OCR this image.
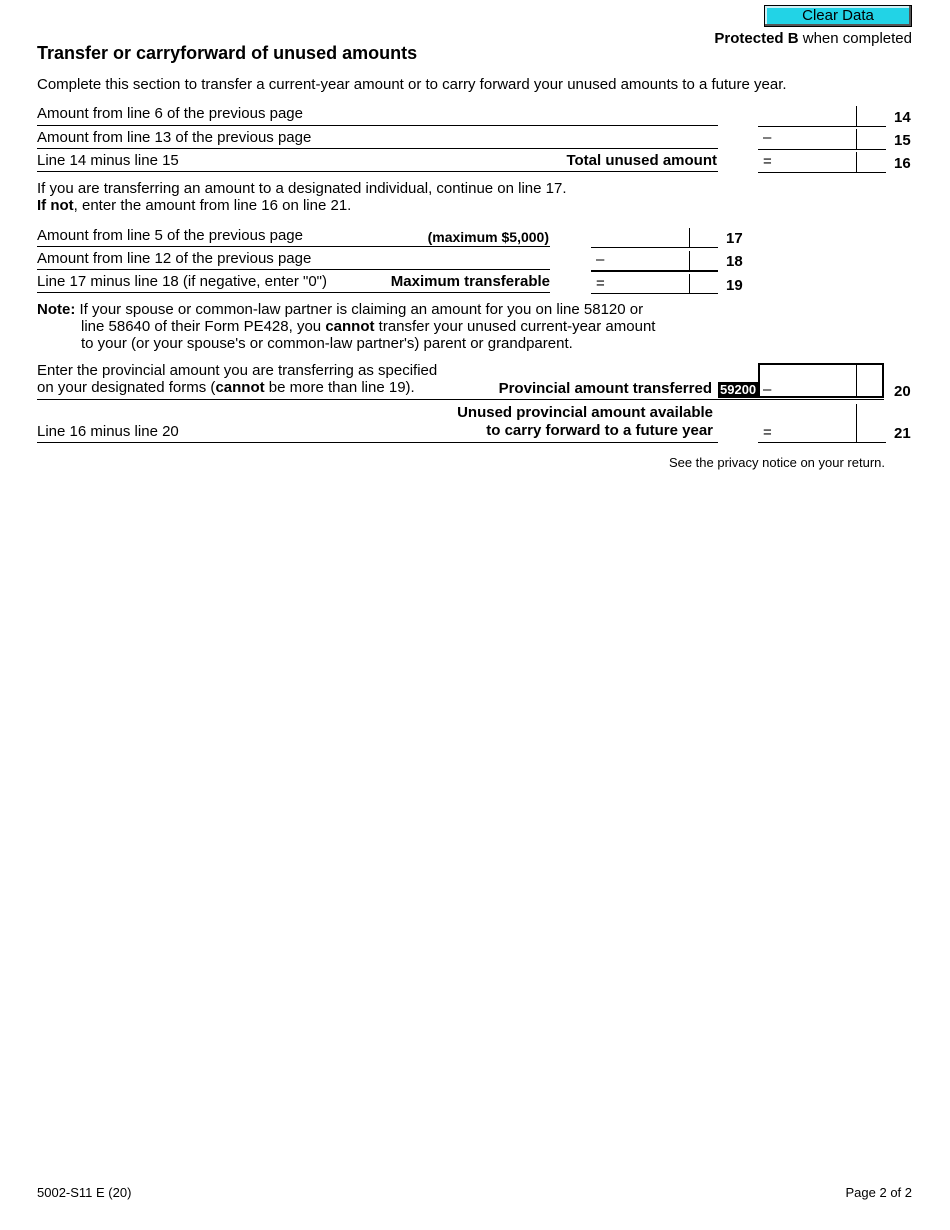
Clear Data
Protected B when completed
Transfer or carryforward of unused amounts
Complete this section to transfer a current-year amount or to carry forward your unused amounts to a future year.
Amount from line 6 of the previous page	14
Amount from line 13 of the previous page	–	15
Line 14 minus line 15	Total unused amount	=	16
If you are transferring an amount to a designated individual, continue on line 17.
If not, enter the amount from line 16 on line 21.
Amount from line 5 of the previous page	(maximum $5,000)	17
Amount from line 12 of the previous page	–	18
Line 17 minus line 18 (if negative, enter "0")	Maximum transferable	=	19
Note: If your spouse or common-law partner is claiming an amount for you on line 58120 or
line 58640 of their Form PE428, you cannot transfer your unused current-year amount
to your (or your spouse's or common-law partner's) parent or grandparent.
Enter the provincial amount you are transferring as specified
on your designated forms (cannot be more than line 19).	Provincial amount transferred 59200 –	20
Unused provincial amount available
to carry forward to a future year
Line 16 minus line 20	=	21
See the privacy notice on your return.
5002-S11 E (20)	Page 2 of 2
